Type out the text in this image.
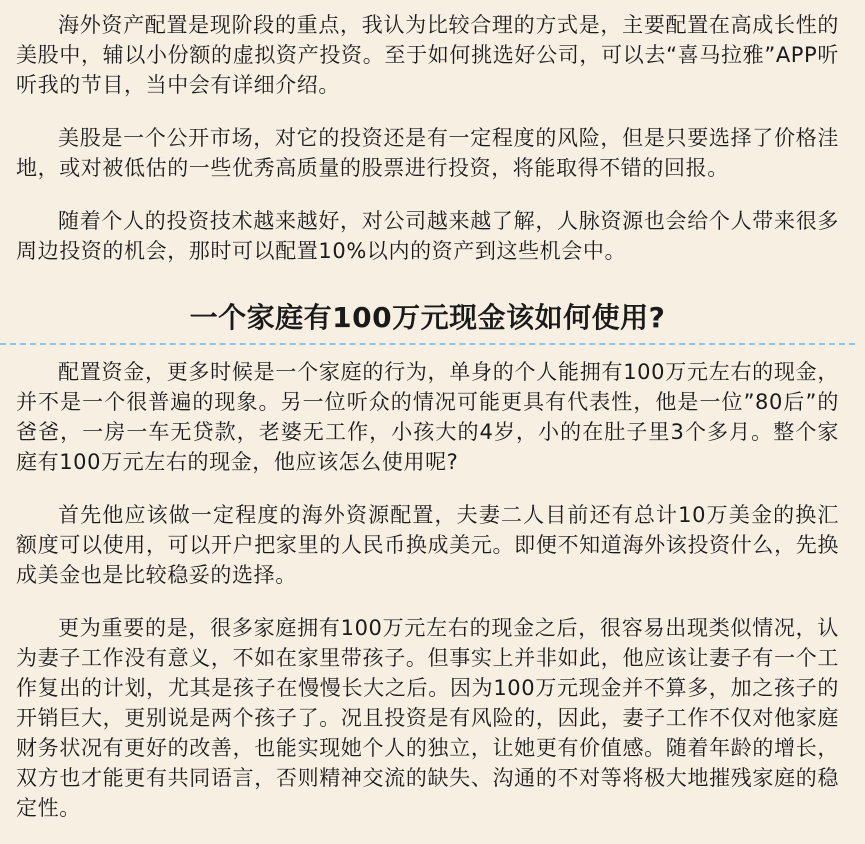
海外资产配置是现阶段的重点，我认为比较合理的方式是，主要配置在高成长性的美股中，辅以小份额的虚拟资产投资。至于如何挑选好公司，可以去“喜马拉雅”APP听听我的节目，当中会有详细介绍。

美股是一个公开市场，对它的投资还是有一定程度的风险，但是只要选择了价格洼地，或对被低估的一些优秀高质量的股票进行投资，将能取得不错的回报。

随着个人的投资技术越来越好，对公司越来越了解，人脉资源也会给个人带来很多周边投资的机会，那时可以配置10%以内的资产到这些机会中。

一个家庭有100万元现金该如何使用?

配置资金，更多时候是一个家庭的行为，单身的个人能拥有100万元左右的现金，并不是一个很普遍的现象。另一位听众的情况可能更具有代表性，他是一位”80后”的爸爸，一房一车无贷款，老婆无工作，小孩大的4岁，小的在肚子里3个多月。整个家庭有100万元左右的现金，他应该怎么使用呢?

首先他应该做一定程度的海外资源配置，夫妻二人目前还有总计10万美金的换汇额度可以使用，可以开户把家里的人民币换成美元。即便不知道海外该投资什么，先换成美金也是比较稳妥的选择。

更为重要的是，很多家庭拥有100万元左右的现金之后，很容易出现类似情况，认为妻子工作没有意义，不如在家里带孩子。但事实上并非如此，他应该让妻子有一个工作复出的计划，尤其是孩子在慢慢长大之后。因为100万元现金并不算多，加之孩子的开销巨大，更别说是两个孩子了。况且投资是有风险的，因此，妻子工作不仅对他家庭财务状况有更好的改善，也能实现她个人的独立，让她更有价值感。随着年龄的增长，双方也才能更有共同语言，否则精神交流的缺失、沟通的不对等将极大地摧残家庭的稳定性。
